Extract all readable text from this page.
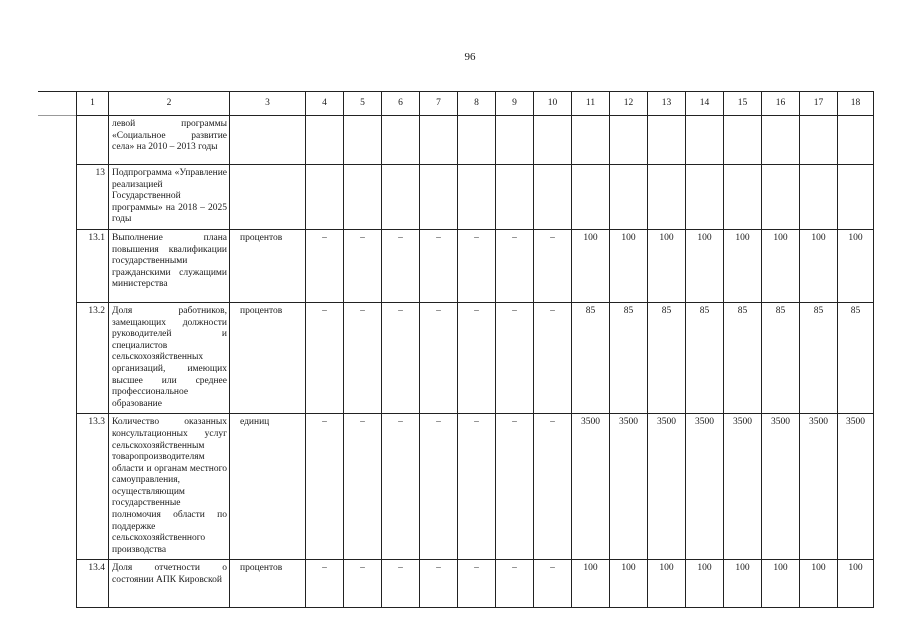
96
1	2	3	4	5	6	7	8	9	10	11	12	13	14	15	16	17	18
	левой программы «Социальное развитие села» на 2010 – 2013 годы																
13	Подпрограмма «Управление реализацией Государственной программы» на 2018 – 2025 годы																
13.1	Выполнение плана повышения квалификации государственными гражданскими служащими министерства	процентов	–	–	–	–	–	–	–	100	100	100	100	100	100	100	100
13.2	Доля работников, замещающих должности руководителей и специалистов сельскохозяйственных организаций, имеющих высшее или среднее профессиональное образование	процентов	–	–	–	–	–	–	–	85	85	85	85	85	85	85	85
13.3	Количество оказанных консультационных услуг сельскохозяйственным товаропроизводителям области и органам местного самоуправления, осуществляющим государственные полномочия области по поддержке сельскохозяйственного производства	единиц	–	–	–	–	–	–	–	3500	3500	3500	3500	3500	3500	3500	3500
13.4	Доля отчетности о состоянии АПК Кировской	процентов	–	–	–	–	–	–	–	100	100	100	100	100	100	100	100
